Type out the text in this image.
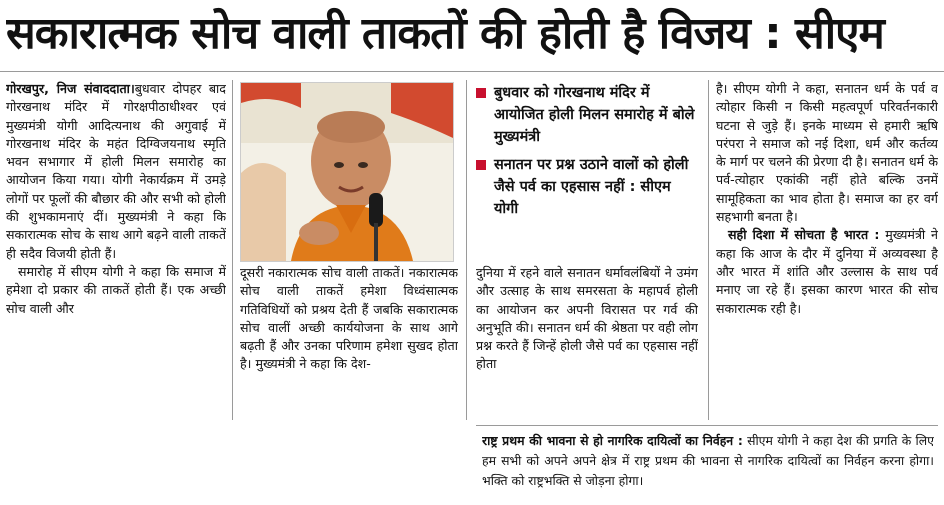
सकारात्मक सोच वाली ताकतों की होती है विजय : सीएम

गोरखपुर, निज संवाददाता।बुधवार दोपहर बाद गोरखनाथ मंदिर में गोरक्षपीठाधीश्वर एवं मुख्यमंत्री योगी आदित्यनाथ की अगुवाई में गोरखनाथ मंदिर के महंत दिग्विजयनाथ स्मृति भवन सभागार में होली मिलन समारोह का आयोजन किया गया। योगी नेकार्यक्रम में उमड़े लोगों पर फूलों की बौछार की और सभी को होली की शुभकामनाएं दीं। मुख्यमंत्री ने कहा कि सकारात्मक सोच के साथ आगे बढ़ने वाली ताकतें ही सदैव विजयी होती हैं।

समारोह में सीएम योगी ने कहा कि समाज में हमेशा दो प्रकार की ताकतें होती हैं। एक अच्छी सोच वाली और

बुधवार को गोरखनाथ मंदिर में आयोजित होली मिलन समारोह में बोले मुख्यमंत्री
सनातन पर प्रश्न उठाने वालों को होली जैसे पर्व का एहसास नहीं : सीएम योगी

दूसरी नकारात्मक सोच वाली ताकतें। नकारात्मक सोच वाली ताकतें हमेशा विध्वंसात्मक गतिविधियों को प्रश्रय देती हैं जबकि सकारात्मक सोच वालीं अच्छी कार्ययोजना के साथ आगे बढ़ती हैं और उनका परिणाम हमेशा सुखद होता है। मुख्यमंत्री ने कहा कि देश-

दुनिया में रहने वाले सनातन धर्मावलंबियों ने उमंग और उत्साह के साथ समरसता के महापर्व होली का आयोजन कर अपनी विरासत पर गर्व की अनुभूति की। सनातन धर्म की श्रेष्ठता पर वही लोग प्रश्न करते हैं जिन्हें होली जैसे पर्व का एहसास नहीं होता

है। सीएम योगी ने कहा, सनातन धर्म के पर्व व त्योहार किसी न किसी महत्वपूर्ण परिवर्तनकारी घटना से जुड़े हैं। इनके माध्यम से हमारी ऋषि परंपरा ने समाज को नई दिशा, धर्म और कर्तव्य के मार्ग पर चलने की प्रेरणा दी है। सनातन धर्म के पर्व-त्योहार एकांकी नहीं होते बल्कि उनमें सामूहिकता का भाव होता है। समाज का हर वर्ग सहभागी बनता है।

सही दिशा में सोचता है भारत : मुख्यमंत्री ने कहा कि आज के दौर में दुनिया में अव्यवस्था है और भारत में शांति और उल्लास के साथ पर्व मनाए जा रहे हैं। इसका कारण भारत की सोच सकारात्मक रही है।

राष्ट्र प्रथम की भावना से हो नागरिक दायित्वों का निर्वहन : सीएम योगी ने कहा देश की प्रगति के लिए हम सभी को अपने अपने क्षेत्र में राष्ट्र प्रथम की भावना से नागरिक दायित्वों का निर्वहन करना होगा। भक्ति को राष्ट्रभक्ति से जोड़ना होगा।
